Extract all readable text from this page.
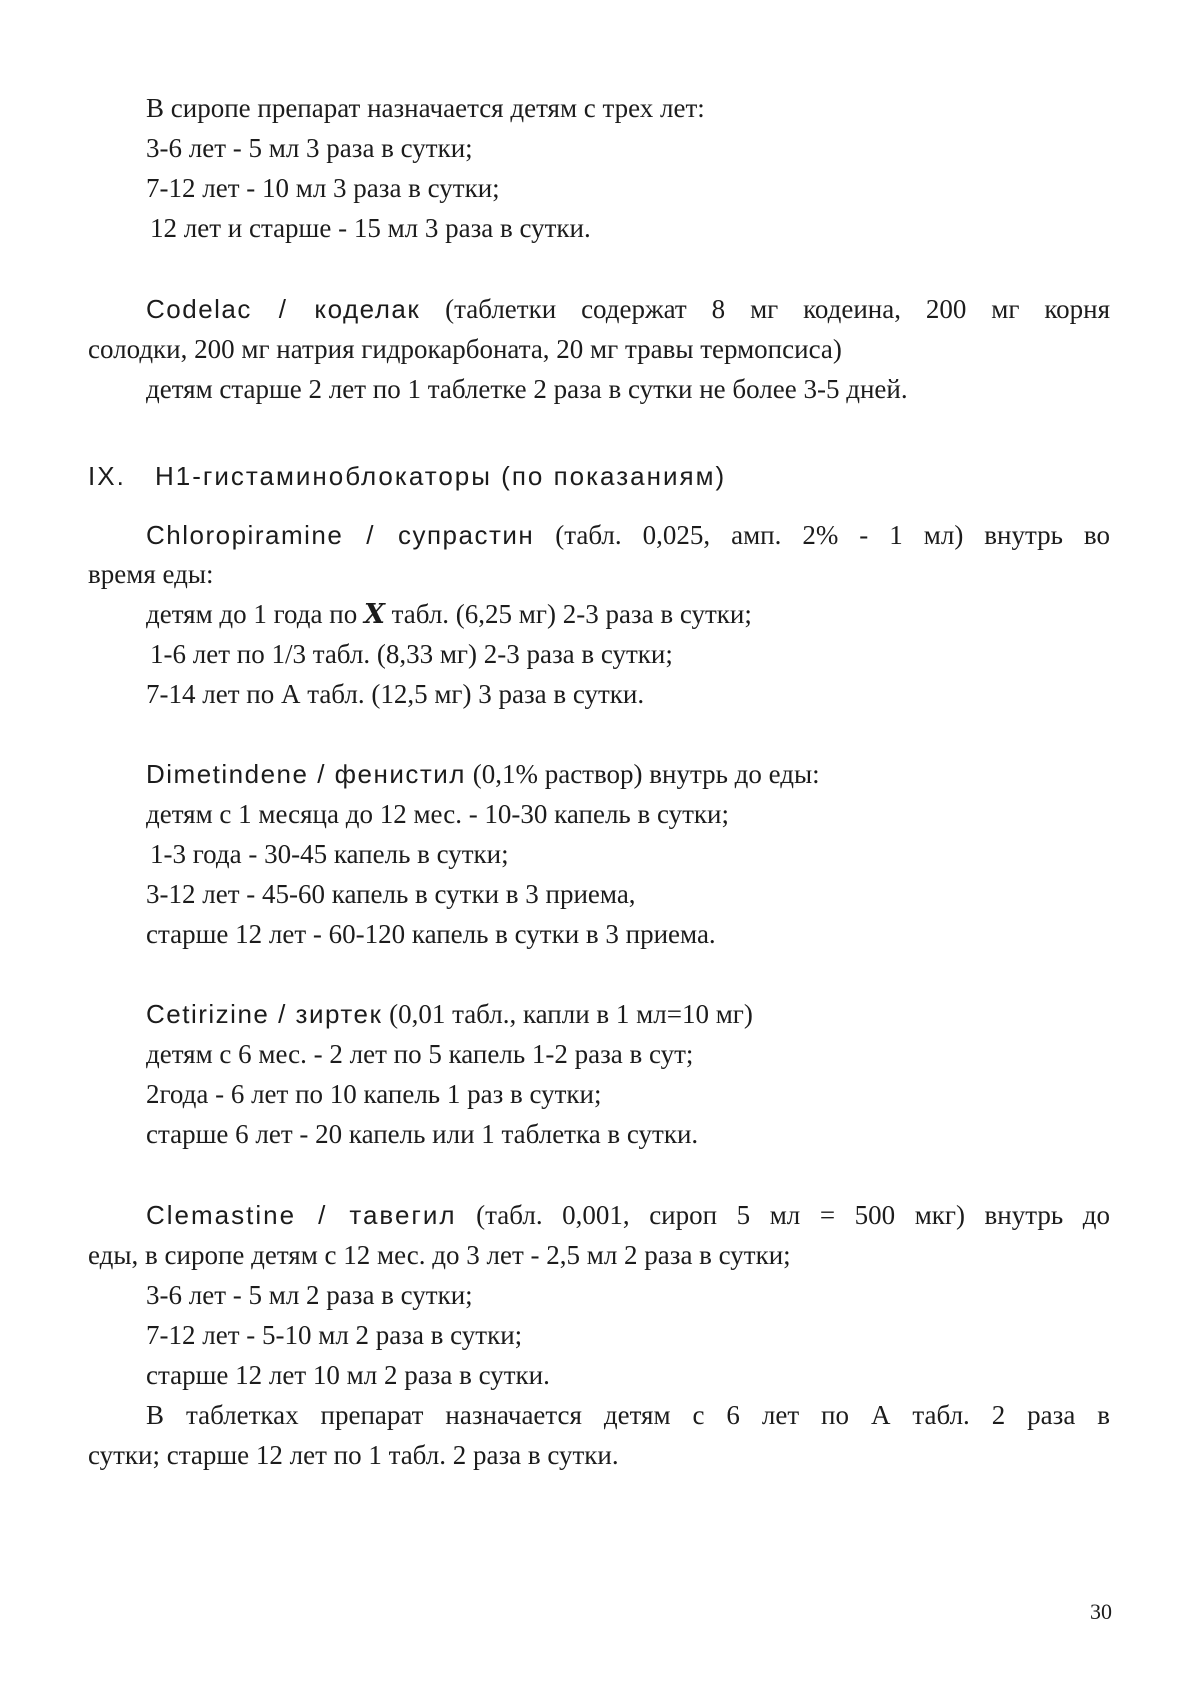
В сиропе препарат назначается детям с трех лет:
3-6 лет - 5 мл 3 раза в сутки;
7-12 лет - 10 мл 3 раза в сутки;
12 лет и старше - 15 мл 3 раза в сутки.
Codelac / коделак (таблетки содержат 8 мг кодеина, 200 мг корня
солодки, 200 мг натрия гидрокарбоната, 20 мг травы термопсиса)
детям старше 2 лет по 1 таблетке 2 раза в сутки не более 3-5 дней.
IX. H1-гистаминоблокаторы (по показаниям)
Chloropiramine / супрастин (табл. 0,025, амп. 2% - 1 мл) внутрь во
время еды:
детям до 1 года по X табл. (6,25 мг) 2-3 раза в сутки;
1-6 лет по 1/3 табл. (8,33 мг) 2-3 раза в сутки;
7-14 лет по А табл. (12,5 мг) 3 раза в сутки.
Dimetindene / фенистил (0,1% раствор) внутрь до еды:
детям с 1 месяца до 12 мес. - 10-30 капель в сутки;
1-3 года - 30-45 капель в сутки;
3-12 лет - 45-60 капель в сутки в 3 приема,
старше 12 лет - 60-120 капель в сутки в 3 приема.
Cetirizine / зиртек (0,01 табл., капли в 1 мл=10 мг)
детям с 6 мес. - 2 лет по 5 капель 1-2 раза в сут;
2года - 6 лет по 10 капель 1 раз в сутки;
старше 6 лет - 20 капель или 1 таблетка в сутки.
Clemastine / тавегил (табл. 0,001, сироп 5 мл = 500 мкг) внутрь до
еды, в сиропе детям с 12 мес. до 3 лет - 2,5 мл 2 раза в сутки;
3-6 лет - 5 мл 2 раза в сутки;
7-12 лет - 5-10 мл 2 раза в сутки;
старше 12 лет 10 мл 2 раза в сутки.
В таблетках препарат назначается детям с 6 лет по А табл. 2 раза в
сутки; старше 12 лет по 1 табл. 2 раза в сутки.
30
